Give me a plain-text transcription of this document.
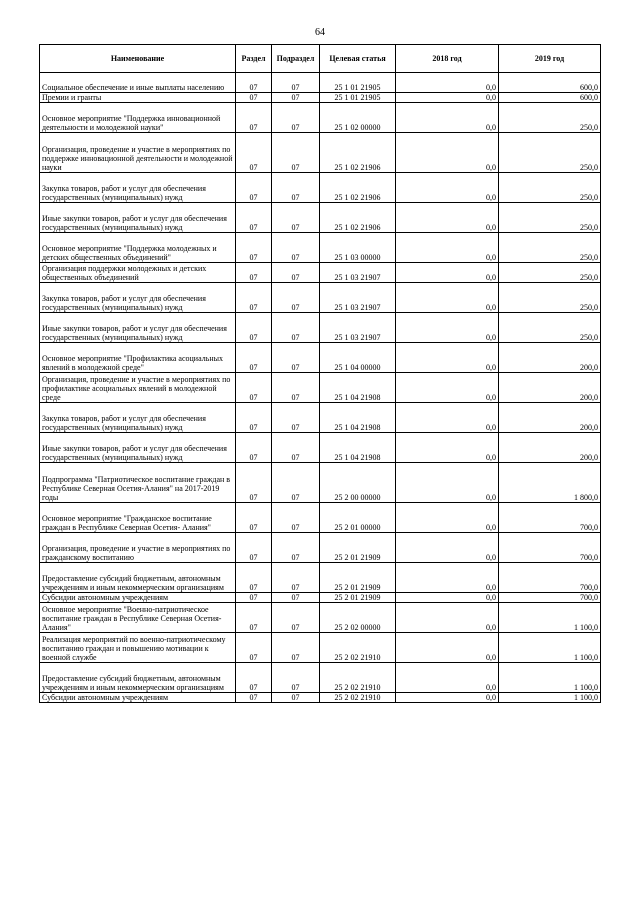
64
Наименование	Раздел	Подраздел	Целевая статья	2018 год	2019 год
Социальное обеспечение и иные выплаты населению	07	07	25 1 01 21905	0,0	600,0
Премии и гранты	07	07	25 1 01 21905	0,0	600,0
Основное мероприятие "Поддержка инновационной деятельности и молодежной науки"	07	07	25 1 02 00000	0,0	250,0
Организация, проведение и участие в мероприятиях по поддержке инновационной деятельности и молодежной науки	07	07	25 1 02 21906	0,0	250,0
Закупка товаров, работ и услуг для обеспечения государственных (муниципальных) нужд	07	07	25 1 02 21906	0,0	250,0
Иные закупки товаров, работ и услуг для обеспечения государственных (муниципальных) нужд	07	07	25 1 02 21906	0,0	250,0
Основное мероприятие "Поддержка молодежных и детских общественных объединений"	07	07	25 1 03 00000	0,0	250,0
Организация поддержки молодежных и детских общественных объединений	07	07	25 1 03 21907	0,0	250,0
Закупка товаров, работ и услуг для обеспечения государственных (муниципальных) нужд	07	07	25 1 03 21907	0,0	250,0
Иные закупки товаров, работ и услуг для обеспечения государственных (муниципальных) нужд	07	07	25 1 03 21907	0,0	250,0
Основное мероприятие "Профилактика асоциальных явлений в молодежной среде"	07	07	25 1 04 00000	0,0	200,0
Организация, проведение и участие в мероприятиях по профилактике асоциальных явлений в молодежной среде	07	07	25 1 04 21908	0,0	200,0
Закупка товаров, работ и услуг для обеспечения государственных (муниципальных) нужд	07	07	25 1 04 21908	0,0	200,0
Иные закупки товаров, работ и услуг для обеспечения государственных (муниципальных) нужд	07	07	25 1 04 21908	0,0	200,0
Подпрограмма "Патриотическое воспитание граждан в Республике Северная Осетия-Алания" на 2017-2019 годы	07	07	25 2 00 00000	0,0	1 800,0
Основное мероприятие "Гражданское воспитание граждан в Республике Северная Осетия- Алания"	07	07	25 2 01 00000	0,0	700,0
Организация, проведение и участие в мероприятиях по гражданскому воспитанию	07	07	25 2 01 21909	0,0	700,0
Предоставление субсидий бюджетным, автономным учреждениям и иным некоммерческим организациям	07	07	25 2 01 21909	0,0	700,0
Субсидии автономным учреждениям	07	07	25 2 01 21909	0,0	700,0
Основное мероприятие "Военно-патриотическое воспитание граждан в Республике Северная Осетия- Алания"	07	07	25 2 02 00000	0,0	1 100,0
Реализация мероприятий по военно-патриотическому воспитанию граждан и повышению мотивации к военной службе	07	07	25 2 02 21910	0,0	1 100,0
Предоставление субсидий бюджетным, автономным учреждениям и иным некоммерческим организациям	07	07	25 2 02 21910	0,0	1 100,0
Субсидии автономным учреждениям	07	07	25 2 02 21910	0,0	1 100,0
